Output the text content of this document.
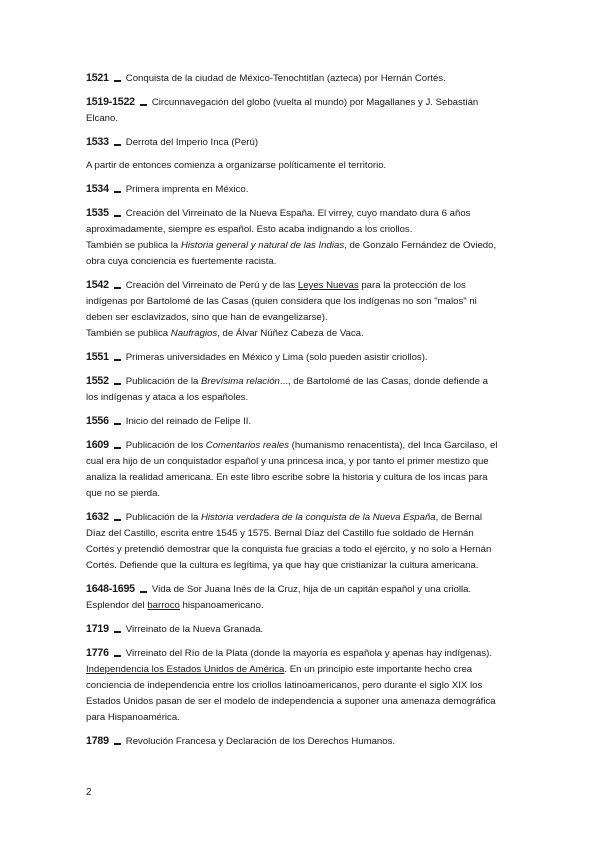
1521 Conquista de la ciudad de México-Tenochtitlan (azteca) por Hernán Cortés.
1519-1522 Circunnavegación del globo (vuelta al mundo) por Magallanes y J. Sebastián
Elcano.
1533 Derrota del Imperio Inca (Perú)
A partir de entonces comienza a organizarse políticamente el territorio.
1534 Primera imprenta en México.
1535 Creación del Virreinato de la Nueva España. El virrey, cuyo mandato dura 6 años
aproximadamente, siempre es español. Esto acaba indignando a los criollos.
También se publica la Historia general y natural de las Indias, de Gonzalo Fernández de Oviedo,
obra cuya conciencia es fuertemente racista.
1542 Creación del Virreinato de Perú y de las Leyes Nuevas para la protección de los
indígenas por Bartolomé de las Casas (quien considera que los indígenas no son "malos" ni
deben ser esclavizados, sino que han de evangelizarse).
También se publica Naufragios, de Álvar Núñez Cabeza de Vaca.
1551 Primeras universidades en México y Lima (solo pueden asistir criollos).
1552 Publicación de la Brevísima relación..., de Bartolomé de las Casas, donde defiende a
los indígenas y ataca a los españoles.
1556 Inicio del reinado de Felipe II.
1609 Publicación de los Comentarios reales (humanismo renacentista), del Inca Garcilaso, el
cual era hijo de un conquistador español y una princesa inca, y por tanto el primer mestizo que
analiza la realidad americana. En este libro escribe sobre la historia y cultura de los incas para
que no se pierda.
1632 Publicación de la Historia verdadera de la conquista de la Nueva España, de Bernal
Díaz del Castillo, escrita entre 1545 y 1575. Bernal Díaz del Castillo fue soldado de Hernán
Cortés y pretendió demostrar que la conquista fue gracias a todo el ejército, y no solo a Hernán
Cortés. Defiende que la cultura es legítima, ya que hay que cristianizar la cultura americana.
1648-1695 Vida de Sor Juana Inés de la Cruz, hija de un capitán español y una criolla.
Esplendor del barroco hispanoamericano.
1719 Virreinato de la Nueva Granada.
1776 Virreinato del Río de la Plata (donde la mayoría es española y apenas hay indígenas).
Independencia los Estados Unidos de América. En un principio este importante hecho crea
conciencia de independencia entre los criollos latinoamericanos, pero durante el siglo XIX los
Estados Unidos pasan de ser el modelo de independencia a suponer una amenaza demográfica
para Hispanoamérica.
1789 Revolución Francesa y Declaración de los Derechos Humanos.
2
